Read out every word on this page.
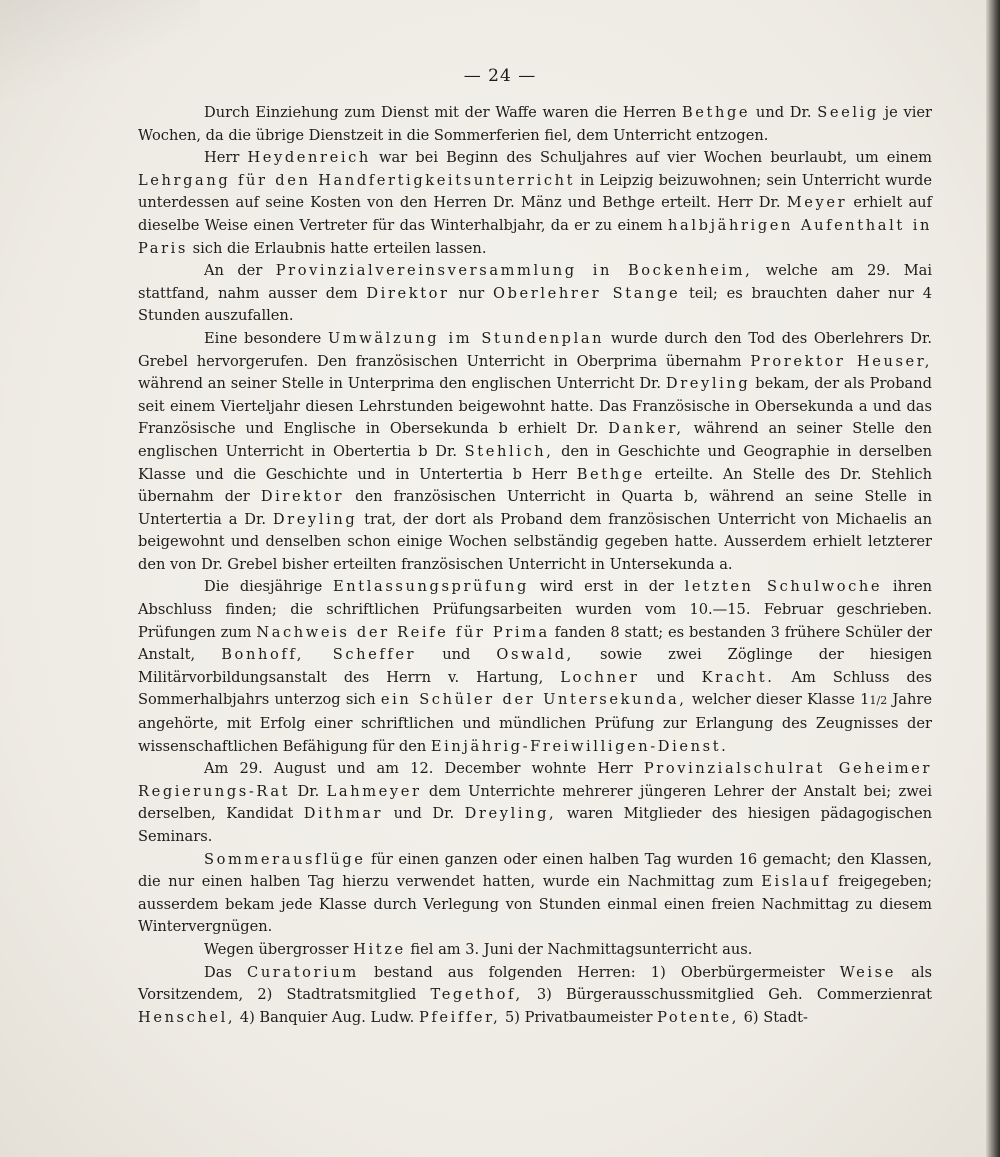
— 24 —

Durch Einziehung zum Dienst mit der Waffe waren die Herren Bethge und Dr. Seelig je vier Wochen, da die übrige Dienstzeit in die Sommerferien fiel, dem Unterricht entzogen.

Herr Heydenreich war bei Beginn des Schuljahres auf vier Wochen beurlaubt, um einem Lehrgang für den Handfertigkeitsunterricht in Leipzig beizuwohnen; sein Unterricht wurde unterdessen auf seine Kosten von den Herren Dr. Mänz und Bethge erteilt. Herr Dr. Meyer erhielt auf dieselbe Weise einen Vertreter für das Winterhalbjahr, da er zu einem halbjährigen Aufenthalt in Paris sich die Erlaubnis hatte erteilen lassen.

An der Provinzialvereinsversammlung in Bockenheim, welche am 29. Mai stattfand, nahm ausser dem Direktor nur Oberlehrer Stange teil; es brauchten daher nur 4 Stunden auszufallen.

Eine besondere Umwälzung im Stundenplan wurde durch den Tod des Oberlehrers Dr. Grebel hervorgerufen. Den französischen Unterricht in Oberprima übernahm Prorektor Heuser, während an seiner Stelle in Unterprima den englischen Unterricht Dr. Dreyling bekam, der als Proband seit einem Vierteljahr diesen Lehrstunden beigewohnt hatte. Das Französische in Obersekunda a und das Französische und Englische in Obersekunda b erhielt Dr. Danker, während an seiner Stelle den englischen Unterricht in Obertertia b Dr. Stehlich, den in Geschichte und Geographie in derselben Klasse und die Geschichte und in Untertertia b Herr Bethge erteilte. An Stelle des Dr. Stehlich übernahm der Direktor den französischen Unterricht in Quarta b, während an seine Stelle in Untertertia a Dr. Dreyling trat, der dort als Proband dem französischen Unterricht von Michaelis an beigewohnt und denselben schon einige Wochen selbständig gegeben hatte. Ausserdem erhielt letzterer den von Dr. Grebel bisher erteilten französischen Unterricht in Untersekunda a.

Die diesjährige Entlassungsprüfung wird erst in der letzten Schulwoche ihren Abschluss finden; die schriftlichen Prüfungsarbeiten wurden vom 10.—15. Februar geschrieben. Prüfungen zum Nachweis der Reife für Prima fanden 8 statt; es bestanden 3 frühere Schüler der Anstalt, Bonhoff, Scheffer und Oswald, sowie zwei Zöglinge der hiesigen Militärvorbildungsanstalt des Herrn v. Hartung, Lochner und Kracht. Am Schluss des Sommerhalbjahrs unterzog sich ein Schüler der Untersekunda, welcher dieser Klasse 11/2 Jahre angehörte, mit Erfolg einer schriftlichen und mündlichen Prüfung zur Erlangung des Zeugnisses der wissenschaftlichen Befähigung für den Einjährig-Freiwilligen-Dienst.

Am 29. August und am 12. December wohnte Herr Provinzialschulrat Geheimer Regierungs-Rat Dr. Lahmeyer dem Unterrichte mehrerer jüngeren Lehrer der Anstalt bei; zwei derselben, Kandidat Dithmar und Dr. Dreyling, waren Mitglieder des hiesigen pädagogischen Seminars.

Sommerausflüge für einen ganzen oder einen halben Tag wurden 16 gemacht; den Klassen, die nur einen halben Tag hierzu verwendet hatten, wurde ein Nachmittag zum Eislauf freigegeben; ausserdem bekam jede Klasse durch Verlegung von Stunden einmal einen freien Nachmittag zu diesem Wintervergnügen.

Wegen übergrosser Hitze fiel am 3. Juni der Nachmittagsunterricht aus.

Das Curatorium bestand aus folgenden Herren: 1) Oberbürgermeister Weise als Vorsitzendem, 2) Stadtratsmitglied Tegethof, 3) Bürgerausschussmitglied Geh. Commerzienrat Henschel, 4) Banquier Aug. Ludw. Pfeiffer, 5) Privatbaumeister Potente, 6) Stadt-
